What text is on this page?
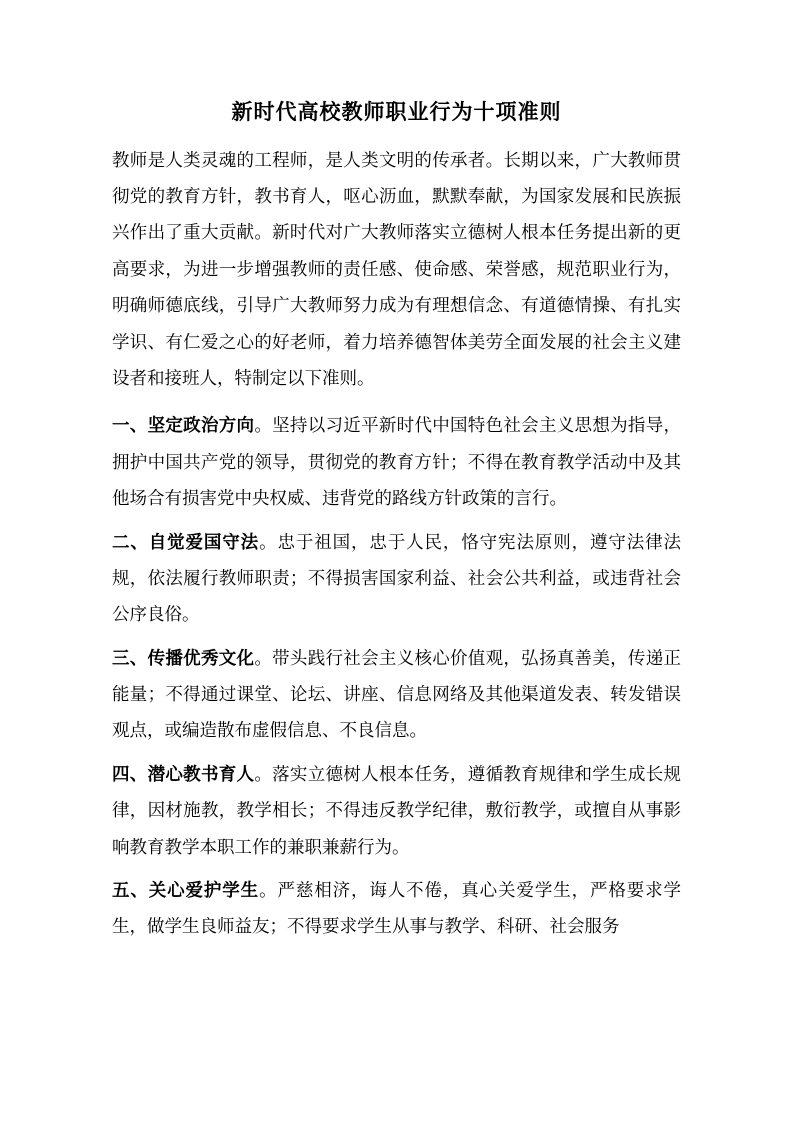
新时代高校教师职业行为十项准则

教师是人类灵魂的工程师，是人类文明的传承者。长期以来，广大教师贯彻党的教育方针，教书育人，呕心沥血，默默奉献，为国家发展和民族振兴作出了重大贡献。新时代对广大教师落实立德树人根本任务提出新的更高要求，为进一步增强教师的责任感、使命感、荣誉感，规范职业行为，明确师德底线，引导广大教师努力成为有理想信念、有道德情操、有扎实学识、有仁爱之心的好老师，着力培养德智体美劳全面发展的社会主义建设者和接班人，特制定以下准则。

一、坚定政治方向。坚持以习近平新时代中国特色社会主义思想为指导，拥护中国共产党的领导，贯彻党的教育方针；不得在教育教学活动中及其他场合有损害党中央权威、违背党的路线方针政策的言行。

二、自觉爱国守法。忠于祖国，忠于人民，恪守宪法原则，遵守法律法规，依法履行教师职责；不得损害国家利益、社会公共利益，或违背社会公序良俗。

三、传播优秀文化。带头践行社会主义核心价值观，弘扬真善美，传递正能量；不得通过课堂、论坛、讲座、信息网络及其他渠道发表、转发错误观点，或编造散布虚假信息、不良信息。

四、潜心教书育人。落实立德树人根本任务，遵循教育规律和学生成长规律，因材施教，教学相长；不得违反教学纪律，敷衍教学，或擅自从事影响教育教学本职工作的兼职兼薪行为。

五、关心爱护学生。严慈相济，诲人不倦，真心关爱学生，严格要求学生，做学生良师益友；不得要求学生从事与教学、科研、社会服务
